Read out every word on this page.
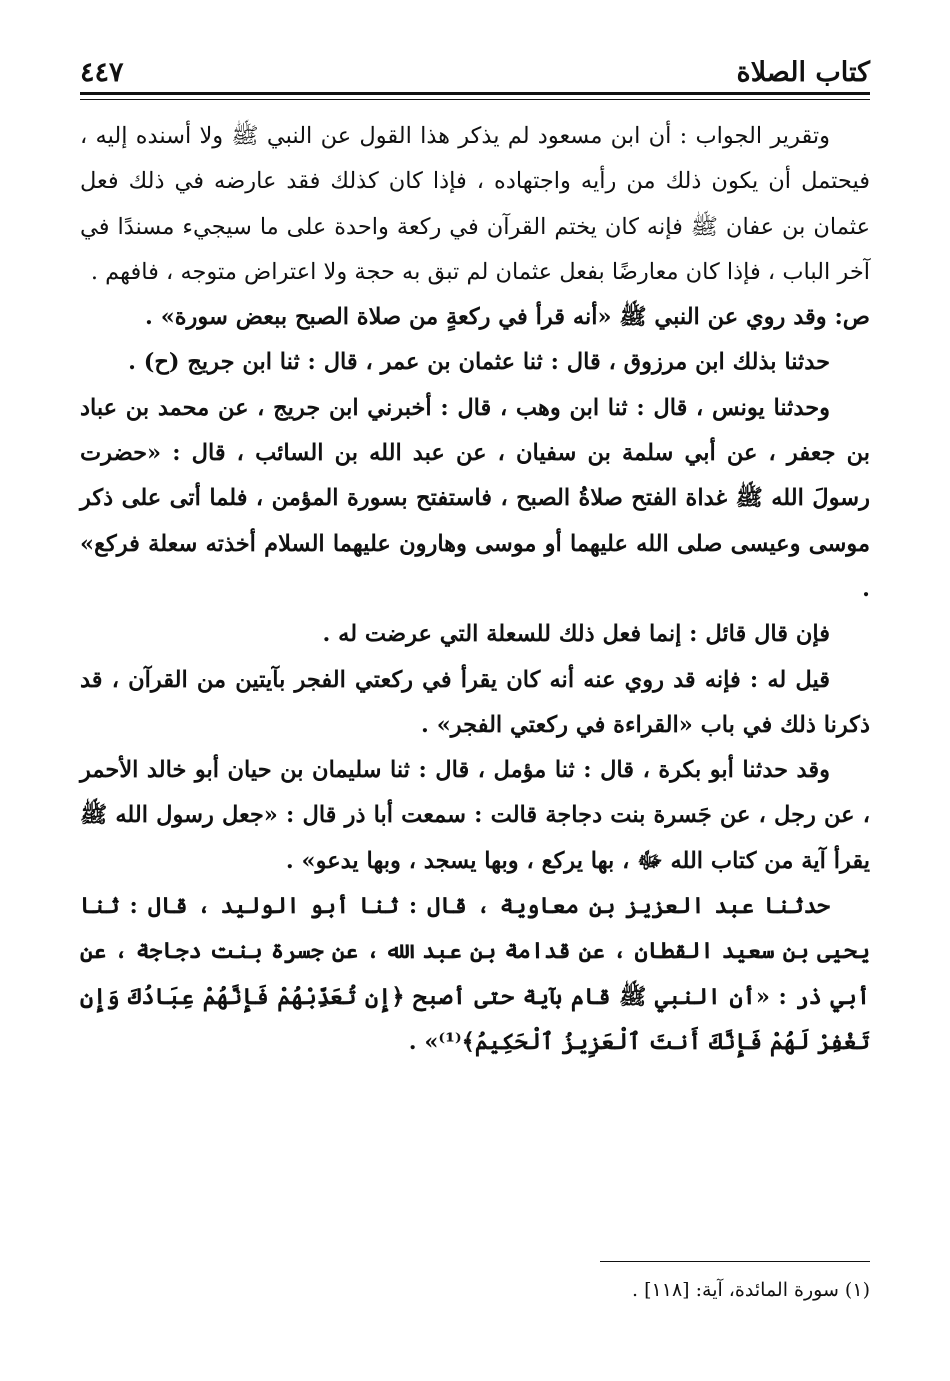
كتاب الصلاة
٤٤٧

وتقرير الجواب : أن ابن مسعود لم يذكر هذا القول عن النبي ﷺ ولا أسنده إليه ، فيحتمل أن يكون ذلك من رأيه واجتهاده ، فإذا كان كذلك فقد عارضه في ذلك فعل عثمان بن عفان ﷺ فإنه كان يختم القرآن في ركعة واحدة على ما سيجيء مسندًا في آخر الباب ، فإذا كان معارضًا بفعل عثمان لم تبق به حجة ولا اعتراض متوجه ، فافهم .

ص: وقد روي عن النبي ﷺ «أنه قرأ في ركعةٍ من صلاة الصبح ببعض سورة» .

حدثنا بذلك ابن مرزوق ، قال : ثنا عثمان بن عمر ، قال : ثنا ابن جريج (ح) .

وحدثنا يونس ، قال : ثنا ابن وهب ، قال : أخبرني ابن جريج ، عن محمد بن عباد بن جعفر ، عن أبي سلمة بن سفيان ، عن عبد الله بن السائب ، قال : «حضرت رسولَ الله ﷺ غداة الفتح صلاةُ الصبح ، فاستفتح بسورة المؤمن ، فلما أتى على ذكر موسى وعيسى صلى الله عليهما أو موسى وهارون عليهما السلام أخذته سعلة فركع» .

فإن قال قائل : إنما فعل ذلك للسعلة التي عرضت له .

قيل له : فإنه قد روي عنه أنه كان يقرأ في ركعتي الفجر بآيتين من القرآن ، قد ذكرنا ذلك في باب «القراءة في ركعتي الفجر» .

وقد حدثنا أبو بكرة ، قال : ثنا مؤمل ، قال : ثنا سليمان بن حيان أبو خالد الأحمر ، عن رجل ، عن جَسرة بنت دجاجة قالت : سمعت أبا ذر قال : «جعل رسول الله ﷺ يقرأ آية من كتاب الله ﷻ ، بها يركع ، وبها يسجد ، وبها يدعو» .

حدثنا عبد العزيز بن معاوية ، قال : ثنا أبو الوليد ، قال : ثنا يحيى بن سعيد القطان ، عن قدامة بن عبد الله ، عن جسرة بنت دجاجة ، عن أبي ذر : «أن النبي ﷺ قام بآية حتى أصبح ﴿إِن تُعَذِّبْهُمْ فَإِنَّهُمْ عِبَادُكَ وَإِن تَغْفِرْ لَهُمْ فَإِنَّكَ أَنتَ ٱلْعَزِيزُ ٱلْحَكِيمُ﴾⁽¹⁾» .

(١) سورة المائدة، آية: [١١٨] .
